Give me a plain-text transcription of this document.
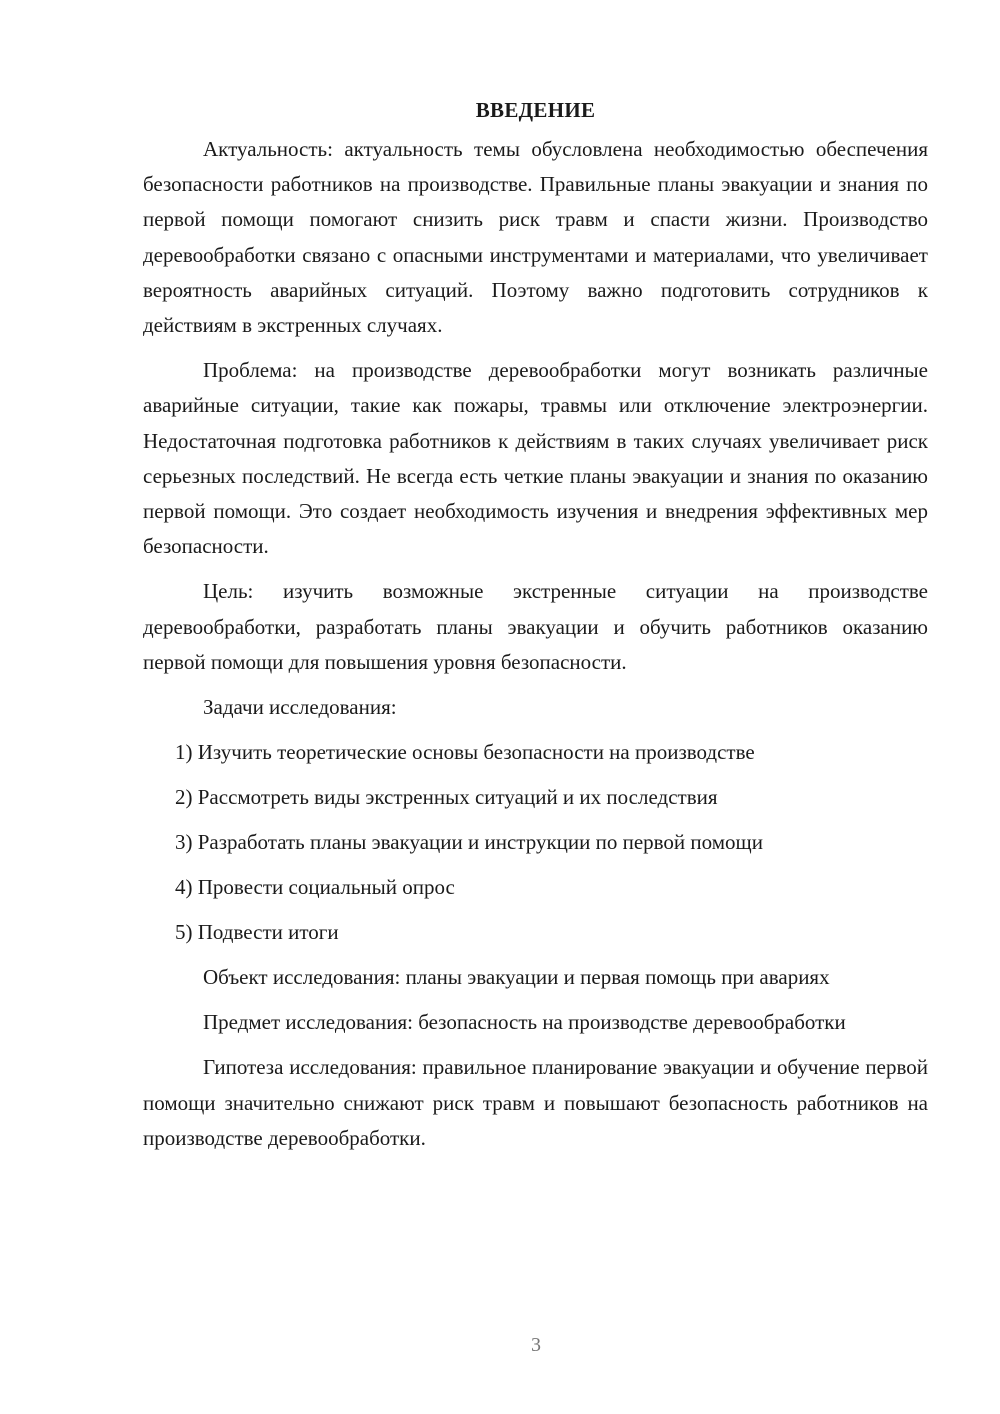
ВВЕДЕНИЕ

Актуальность: актуальность темы обусловлена необходимостью обеспечения безопасности работников на производстве. Правильные планы эвакуации и знания по первой помощи помогают снизить риск травм и спасти жизни. Производство деревообработки связано с опасными инструментами и материалами, что увеличивает вероятность аварийных ситуаций. Поэтому важно подготовить сотрудников к действиям в экстренных случаях.

Проблема: на производстве деревообработки могут возникать различные аварийные ситуации, такие как пожары, травмы или отключение электроэнергии. Недостаточная подготовка работников к действиям в таких случаях увеличивает риск серьезных последствий. Не всегда есть четкие планы эвакуации и знания по оказанию первой помощи. Это создает необходимость изучения и внедрения эффективных мер безопасности.

Цель: изучить возможные экстренные ситуации на производстве деревообработки, разработать планы эвакуации и обучить работников оказанию первой помощи для повышения уровня безопасности.

Задачи исследования:

1) Изучить теоретические основы безопасности на производстве

2) Рассмотреть виды экстренных ситуаций и их последствия

3) Разработать планы эвакуации и инструкции по первой помощи

4) Провести социальный опрос

5) Подвести итоги

Объект исследования: планы эвакуации и первая помощь при авариях

Предмет исследования: безопасность на производстве деревообработки

Гипотеза исследования: правильное планирование эвакуации и обучение первой помощи значительно снижают риск травм и повышают безопасность работников на производстве деревообработки.

3
